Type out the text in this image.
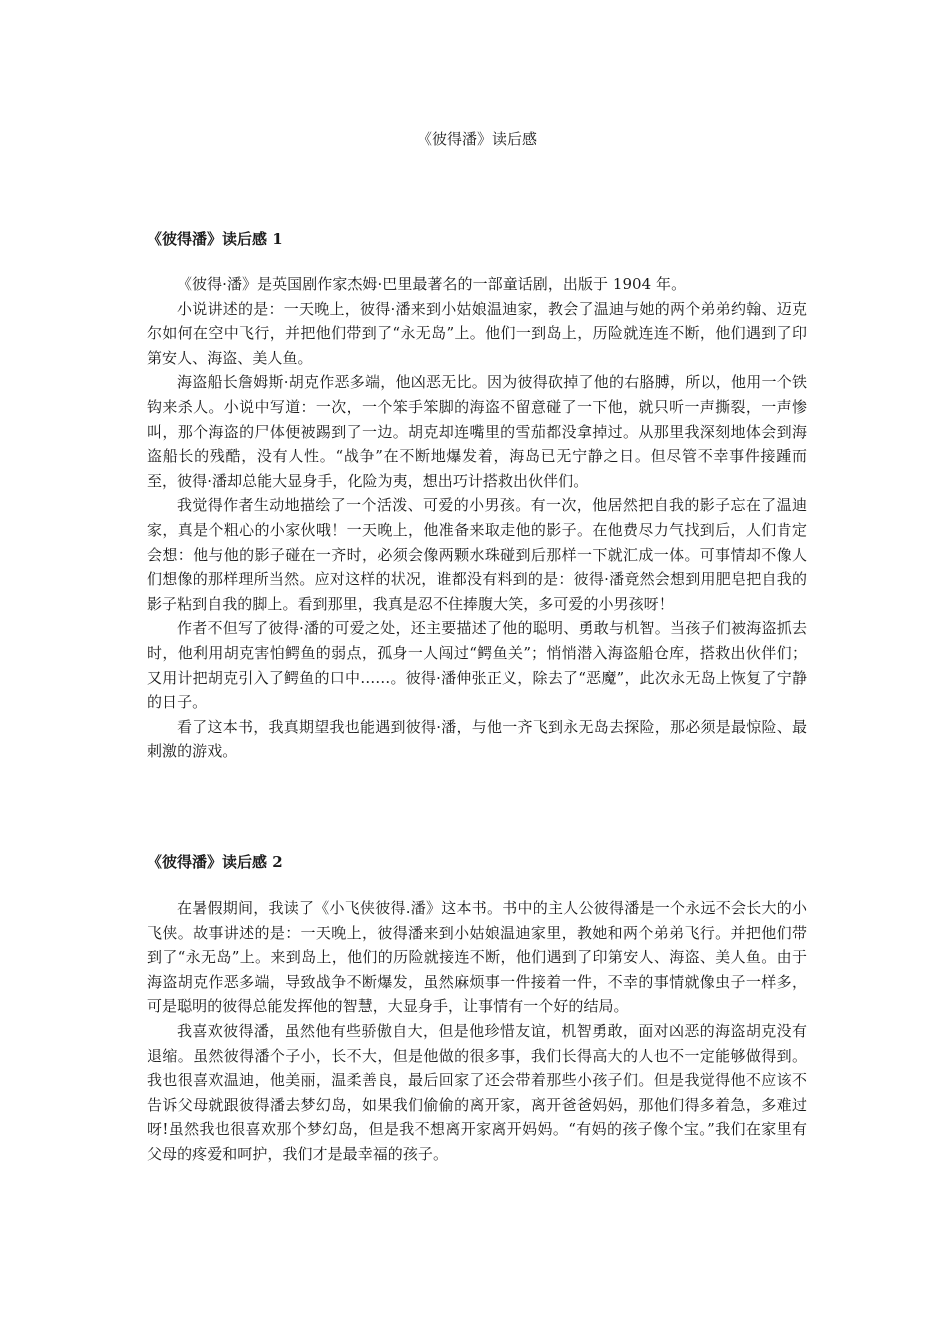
《彼得潘》读后感
《彼得潘》读后感 1

《彼得·潘》是英国剧作家杰姆·巴里最著名的一部童话剧，出版于 1904 年。

小说讲述的是：一天晚上，彼得·潘来到小姑娘温迪家，教会了温迪与她的两个弟弟约翰、迈克尔如何在空中飞行，并把他们带到了“永无岛”上。他们一到岛上，历险就连连不断，他们遇到了印第安人、海盗、美人鱼。

海盗船长詹姆斯·胡克作恶多端，他凶恶无比。因为彼得砍掉了他的右胳膊，所以，他用一个铁钩来杀人。小说中写道：一次，一个笨手笨脚的海盗不留意碰了一下他，就只听一声撕裂，一声惨叫，那个海盗的尸体便被踢到了一边。胡克却连嘴里的雪茄都没拿掉过。从那里我深刻地体会到海盗船长的残酷，没有人性。“战争”在不断地爆发着，海岛已无宁静之日。但尽管不幸事件接踵而至，彼得·潘却总能大显身手，化险为夷，想出巧计搭救出伙伴们。

我觉得作者生动地描绘了一个活泼、可爱的小男孩。有一次，他居然把自我的影子忘在了温迪家，真是个粗心的小家伙哦！一天晚上，他准备来取走他的影子。在他费尽力气找到后，人们肯定会想：他与他的影子碰在一齐时，必须会像两颗水珠碰到后那样一下就汇成一体。可事情却不像人们想像的那样理所当然。应对这样的状况，谁都没有料到的是：彼得·潘竟然会想到用肥皂把自我的影子粘到自我的脚上。看到那里，我真是忍不住捧腹大笑，多可爱的小男孩呀！

作者不但写了彼得·潘的可爱之处，还主要描述了他的聪明、勇敢与机智。当孩子们被海盗抓去时，他利用胡克害怕鳄鱼的弱点，孤身一人闯过“鳄鱼关”；悄悄潜入海盗船仓库，搭救出伙伴们；又用计把胡克引入了鳄鱼的口中……。彼得·潘伸张正义，除去了“恶魔”，此次永无岛上恢复了宁静的日子。

看了这本书，我真期望我也能遇到彼得·潘，与他一齐飞到永无岛去探险，那必须是最惊险、最刺激的游戏。

《彼得潘》读后感 2

在暑假期间，我读了《小飞侠彼得.潘》这本书。书中的主人公彼得潘是一个永远不会长大的小飞侠。故事讲述的是：一天晚上，彼得潘来到小姑娘温迪家里，教她和两个弟弟飞行。并把他们带到了“永无岛”上。来到岛上，他们的历险就接连不断，他们遇到了印第安人、海盗、美人鱼。由于海盗胡克作恶多端，导致战争不断爆发，虽然麻烦事一件接着一件，不幸的事情就像虫子一样多，可是聪明的彼得总能发挥他的智慧，大显身手，让事情有一个好的结局。

我喜欢彼得潘，虽然他有些骄傲自大，但是他珍惜友谊，机智勇敢，面对凶恶的海盗胡克没有退缩。虽然彼得潘个子小，长不大，但是他做的很多事，我们长得高大的人也不一定能够做得到。我也很喜欢温迪，他美丽，温柔善良，最后回家了还会带着那些小孩子们。但是我觉得他不应该不告诉父母就跟彼得潘去梦幻岛，如果我们偷偷的离开家，离开爸爸妈妈，那他们得多着急，多难过呀!虽然我也很喜欢那个梦幻岛，但是我不想离开家离开妈妈。“有妈的孩子像个宝。”我们在家里有父母的疼爱和呵护，我们才是最幸福的孩子。
